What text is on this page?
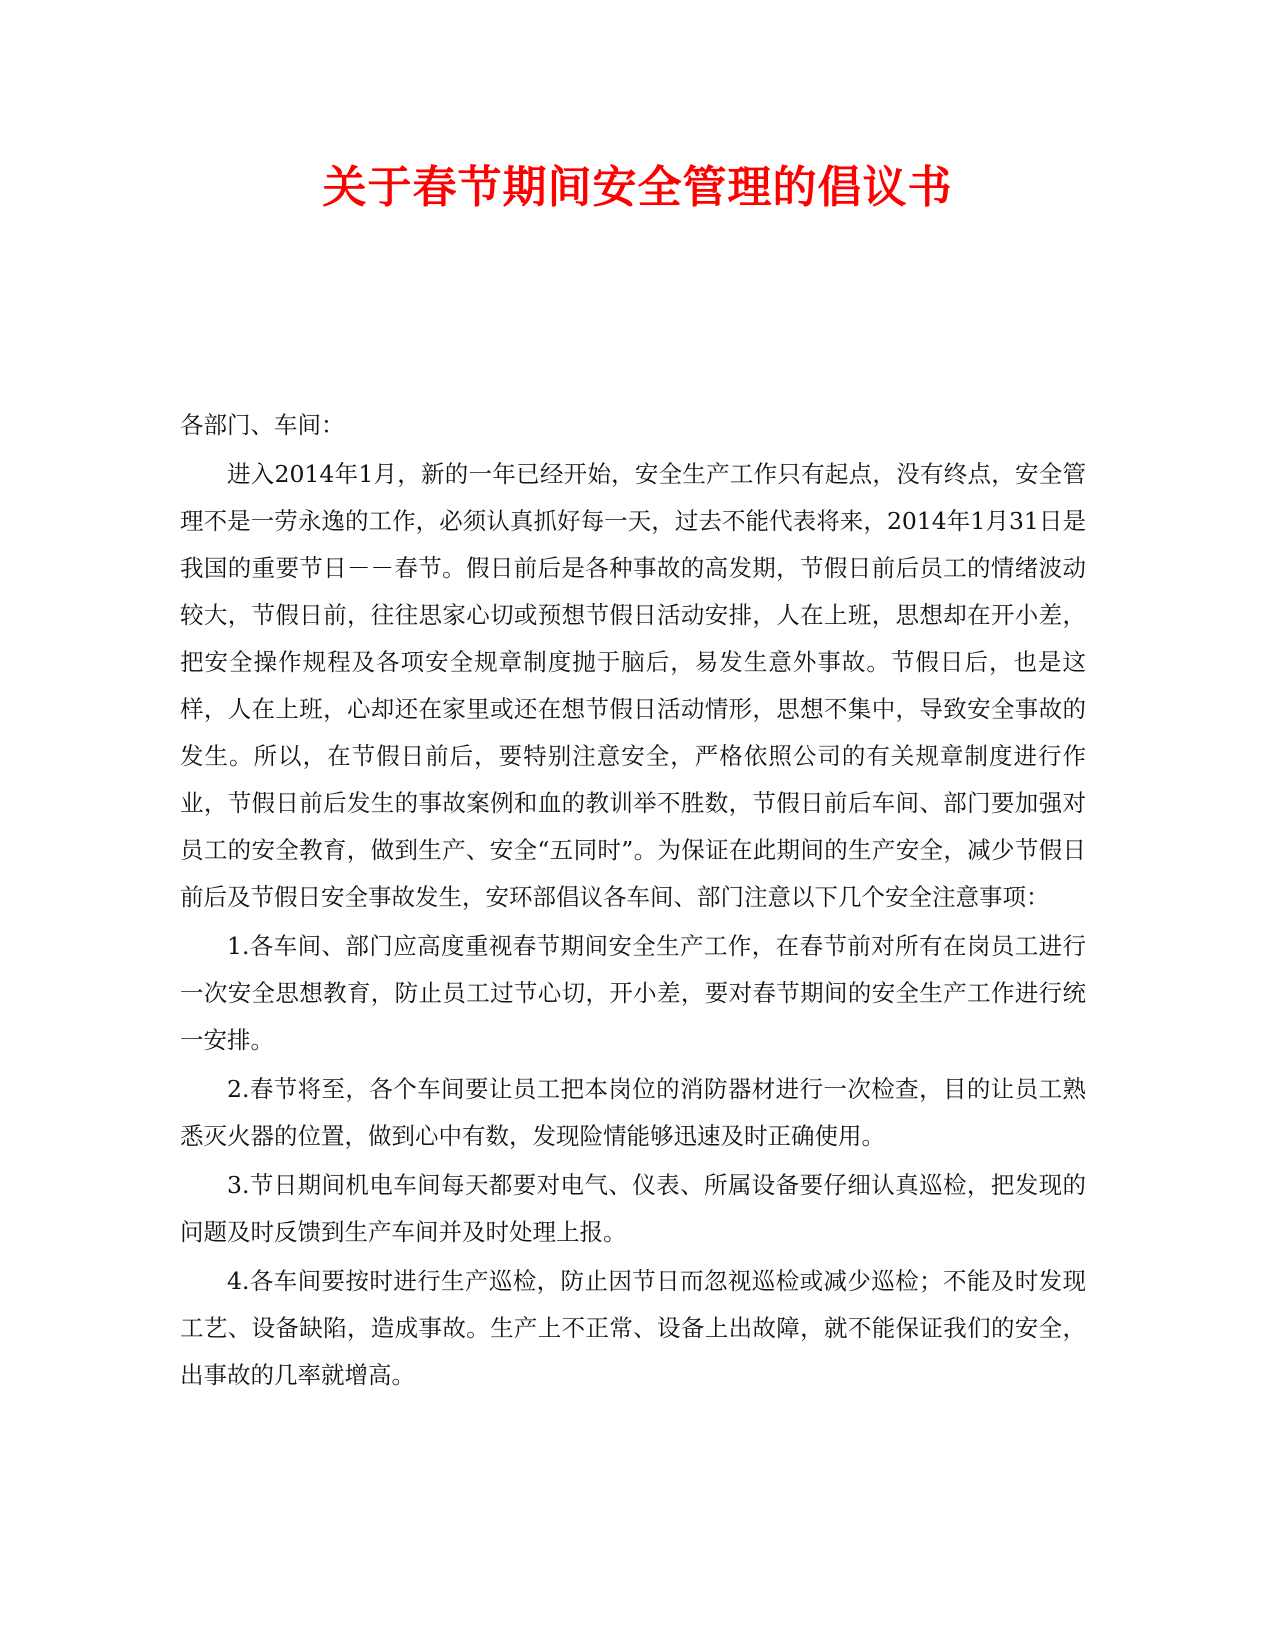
关于春节期间安全管理的倡议书

各部门、车间：

进入2014年1月，新的一年已经开始，安全生产工作只有起点，没有终点，安全管理不是一劳永逸的工作，必须认真抓好每一天，过去不能代表将来，2014年1月31日是我国的重要节日－－春节。假日前后是各种事故的高发期，节假日前后员工的情绪波动较大，节假日前，往往思家心切或预想节假日活动安排，人在上班，思想却在开小差，把安全操作规程及各项安全规章制度抛于脑后，易发生意外事故。节假日后，也是这样，人在上班，心却还在家里或还在想节假日活动情形，思想不集中，导致安全事故的发生。所以，在节假日前后，要特别注意安全，严格依照公司的有关规章制度进行作业，节假日前后发生的事故案例和血的教训举不胜数，节假日前后车间、部门要加强对员工的安全教育，做到生产、安全“五同时”。为保证在此期间的生产安全，减少节假日前后及节假日安全事故发生，安环部倡议各车间、部门注意以下几个安全注意事项：

1.各车间、部门应高度重视春节期间安全生产工作，在春节前对所有在岗员工进行一次安全思想教育，防止员工过节心切，开小差，要对春节期间的安全生产工作进行统一安排。

2.春节将至，各个车间要让员工把本岗位的消防器材进行一次检查，目的让员工熟悉灭火器的位置，做到心中有数，发现险情能够迅速及时正确使用。

3.节日期间机电车间每天都要对电气、仪表、所属设备要仔细认真巡检，把发现的问题及时反馈到生产车间并及时处理上报。

4.各车间要按时进行生产巡检，防止因节日而忽视巡检或减少巡检；不能及时发现工艺、设备缺陷，造成事故。生产上不正常、设备上出故障，就不能保证我们的安全，出事故的几率就增高。
